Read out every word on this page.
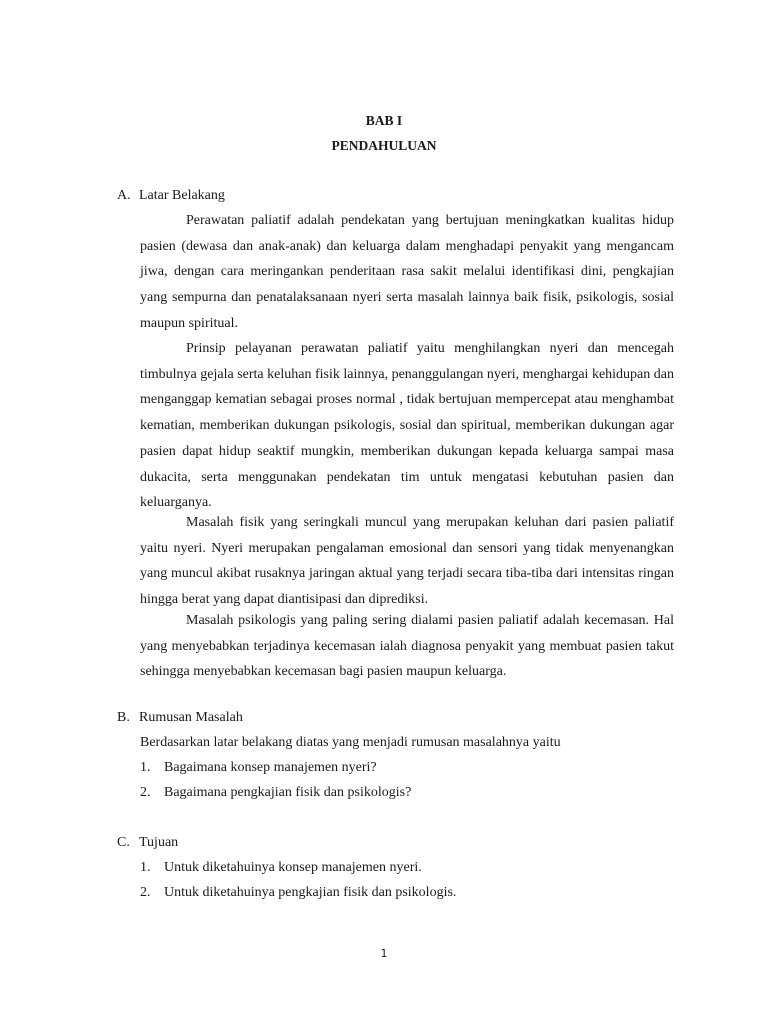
BAB I
PENDAHULUAN
A. Latar Belakang

Perawatan paliatif adalah pendekatan yang bertujuan meningkatkan kualitas hidup pasien (dewasa dan anak-anak) dan keluarga dalam menghadapi penyakit yang mengancam jiwa, dengan cara meringankan penderitaan rasa sakit melalui identifikasi dini, pengkajian yang sempurna dan penatalaksanaan nyeri serta masalah lainnya baik fisik, psikologis, sosial maupun spiritual.

Prinsip pelayanan perawatan paliatif yaitu menghilangkan nyeri dan mencegah timbulnya gejala serta keluhan fisik lainnya, penanggulangan nyeri, menghargai kehidupan dan menganggap kematian sebagai proses normal , tidak bertujuan mempercepat atau menghambat kematian, memberikan dukungan psikologis, sosial dan spiritual, memberikan dukungan agar pasien dapat hidup seaktif mungkin, memberikan dukungan kepada keluarga sampai masa dukacita, serta menggunakan pendekatan tim untuk mengatasi kebutuhan pasien dan keluarganya.

Masalah fisik yang seringkali muncul yang merupakan keluhan dari pasien paliatif yaitu nyeri. Nyeri merupakan pengalaman emosional dan sensori yang tidak menyenangkan yang muncul akibat rusaknya jaringan aktual yang terjadi secara tiba-tiba dari intensitas ringan hingga berat yang dapat diantisipasi dan diprediksi.

Masalah psikologis yang paling sering dialami pasien paliatif adalah kecemasan. Hal yang menyebabkan terjadinya kecemasan ialah diagnosa penyakit yang membuat pasien takut sehingga menyebabkan kecemasan bagi pasien maupun keluarga.

B. Rumusan Masalah
Berdasarkan latar belakang diatas yang menjadi rumusan masalahnya yaitu
1. Bagaimana konsep manajemen nyeri?
2. Bagaimana pengkajian fisik dan psikologis?
C. Tujuan
1. Untuk diketahuinya konsep manajemen nyeri.
2. Untuk diketahuinya pengkajian fisik dan psikologis.
1
